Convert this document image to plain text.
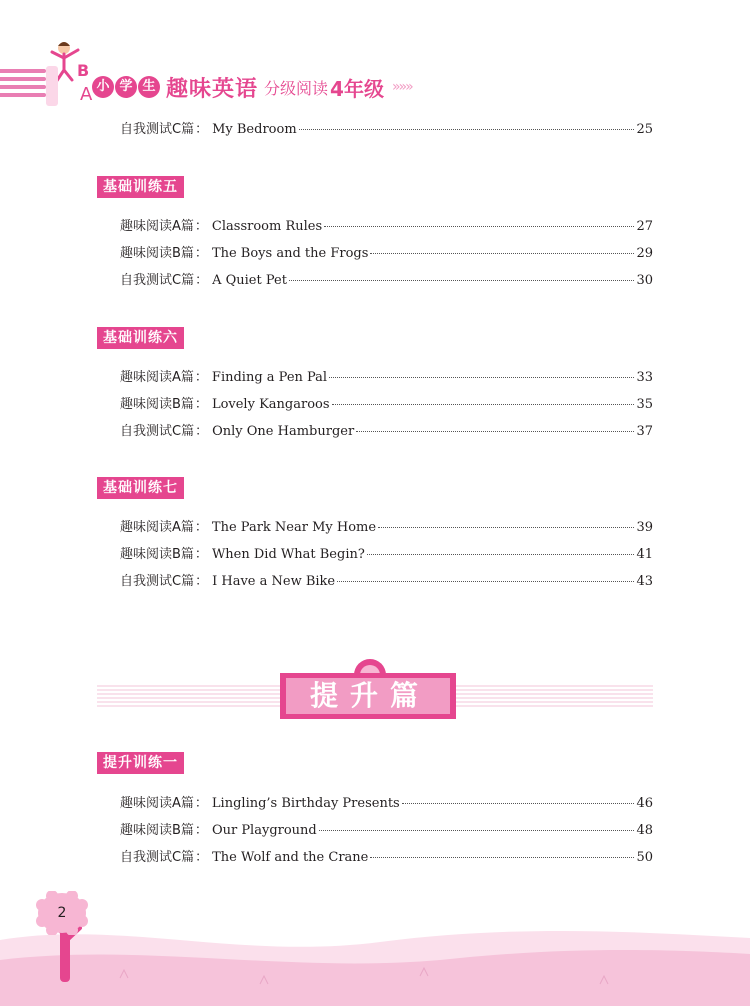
B
A 小 学 生 趣味英语 分级阅读 4年级 »»»
自我测试C篇 ： My Bedroom	25
基础训练五
趣味阅读A篇 ： Classroom Rules	27
趣味阅读B篇 ： The Boys and the Frogs	29
自我测试C篇 ： A Quiet Pet	30
基础训练六
趣味阅读A篇 ： Finding a Pen Pal	33
趣味阅读B篇 ： Lovely Kangaroos	35
自我测试C篇 ： Only One Hamburger	37
基础训练七
趣味阅读A篇 ： The Park Near My Home	39
趣味阅读B篇 ： When Did What Begin?	41
自我测试C篇 ： I Have a New Bike	43
提升篇
提升训练一
趣味阅读A篇 ： Lingling’s Birthday Presents	46
趣味阅读B篇 ： Our Playground	48
自我测试C篇 ： The Wolf and the Crane	50
2
